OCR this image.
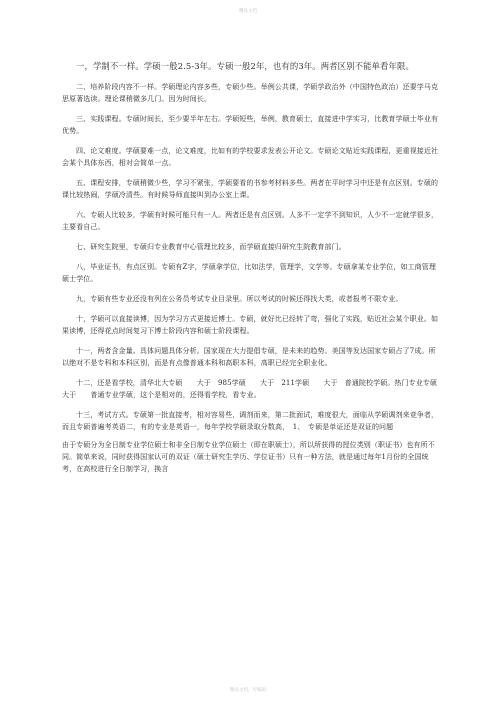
精品文档

一，学制不一样。学硕一般2.5-3年。专硕一般2年，也有的3年。两者区别不能单看年限。

二、培养阶段内容不一样。学硕理论内容多些，专硕少些。举例公共课，学硕学政治外（中国特色政治）还要学马克思原著选读。理论课稍微多几门。因为时间长。

三、实践课程。专硕时间长，至少要半年左右。学硕短些，举例，教育硕士，直接进中学实习，比教育学硕士毕业有优势。

四、论文难度。学硕要难一点，论文难度，比如有的学校要求发表公开论文。专硕论文贴近实践课程，更重视接近社会某个具体东西，相对会简单一点。

五、课程安排，专硕稍微少些，学习不紧张，学硕要看的书参考材料多些。两者在平时学习中还是有点区别。专硕的课比较热闹，学硕冷清些。有时候导师直接叫到办公室上课。

六、专硕人比较多，学硕有时候可能只有一人。两者还是有点区别。人多不一定学不到知识，人少不一定就学很多，主要看自己。

七、研究生院里，专硕归专业教育中心管理比较多，而学硕直接归研究生院教育部门。

八，毕业证书，有点区别。专硕有Z字，学硕拿学位，比如法学，管理学，文学等。专硕拿某专业学位，如工商管理硕士学位。

九，专硕有些专业还没有列在公务员考试专业目录里。所以考试的时候还得找大类，或者报考不限专业。

十，学硕可以直接读博，因为学习方式更接近博士。专硕，就好比已经转了弯，强化了实践，贴近社会某个职业。如果读博，还得花点时间复习下博士阶段内容和硕士阶段课程。

十一，两者含金量。具体问题具体分析。国家现在大力提倡专硕，是未来的趋势。美国等发达国家专硕占了7成。所以绝对不是专科和本科区别，而是有点像普通本科和高职本科，高职已经完全职业化。

十二，还是看学校，清华北大专硕　　大于　985学硕　　大于　211学硕　　大于　普通院校学硕。热门专业专硕　　大于　　普通专业学硕，这个是相对的，还得看学校，看专业。

十三，考试方式。专硕第一批直接考，相对容易些，调剂而来，第二批面试，难度很大，面临从学硕调剂来竞争者，而且专硕普遍考英语二，有的专业是英语一，每年学校学硕录取分数高，　1、　专硕是单证还是双证的问题

由于专硕分为全日制专业学位硕士和非全日制专业学位硕士（即在职硕士），所以所获得的授位类别（职证书）也有所不同。简单来说，同时获得国家认可的双证（硕士研究生学历、学位证书）只有一种方法，就是通过每年1月份的全国统考，在高校进行全日制学习，换言

精品文档，可编辑
